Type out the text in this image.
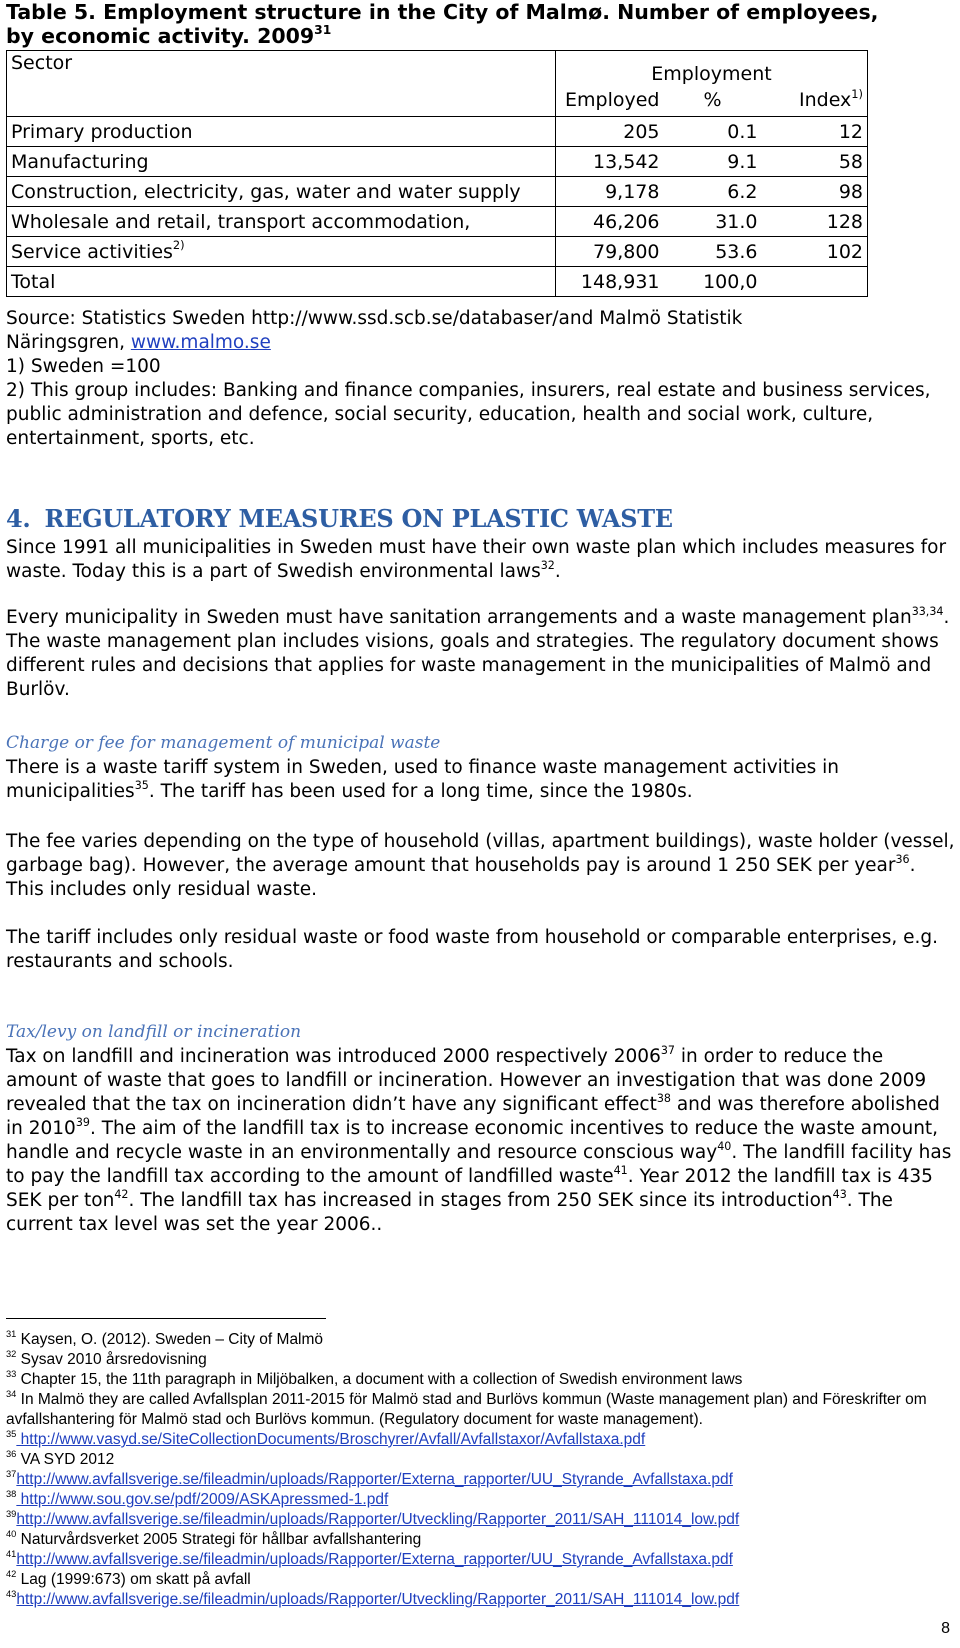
Table 5. Employment structure in the City of Malmø. Number of employees,
by economic activity. 2009$^{31}$
Sector	Employment		
	Employed	%	Index$^{1)}$
Primary production	205	0.1	12
Manufacturing	13,542	9.1	58
Construction, electricity, gas, water and water supply	9,178	6.2	98
Wholesale and retail, transport accommodation,	46,206	31.0	128
Service activities$^{2)}$	79,800	53.6	102
Total	148,931	100,0	
Source: Statistics Sweden http://www.ssd.scb.se/databaser/and Malmö Statistik
Näringsgren, www.malmo.se
1) Sweden =100
2) This group includes: Banking and finance companies, insurers, real estate and business services, public administration and defence, social security, education, health and social work, culture, entertainment, sports, etc.
4. REGULATORY MEASURES ON PLASTIC WASTE
Since 1991 all municipalities in Sweden must have their own waste plan which includes measures for waste. Today this is a part of Swedish environmental laws$^{32}$.
Every municipality in Sweden must have sanitation arrangements and a waste management plan$^{33,34}$. The waste management plan includes visions, goals and strategies. The regulatory document shows different rules and decisions that applies for waste management in the municipalities of Malmö and Burlöv.
Charge or fee for management of municipal waste
There is a waste tariff system in Sweden, used to finance waste management activities in municipalities$^{35}$. The tariff has been used for a long time, since the 1980s.
The fee varies depending on the type of household (villas, apartment buildings), waste holder (vessel, garbage bag). However, the average amount that households pay is around 1 250 SEK per year$^{36}$. This includes only residual waste.
The tariff includes only residual waste or food waste from household or comparable enterprises, e.g. restaurants and schools.
Tax/levy on landfill or incineration
Tax on landfill and incineration was introduced 2000 respectively 2006$^{37}$ in order to reduce the amount of waste that goes to landfill or incineration. However an investigation that was done 2009 revealed that the tax on incineration didn’t have any significant effect$^{38}$ and was therefore abolished in 2010$^{39}$. The aim of the landfill tax is to increase economic incentives to reduce the waste amount, handle and recycle waste in an environmentally and resource conscious way$^{40}$. The landfill facility has to pay the landfill tax according to the amount of landfilled waste$^{41}$. Year 2012 the landfill tax is 435 SEK per ton$^{42}$. The landfill tax has increased in stages from 250 SEK since its introduction$^{43}$. The current tax level was set the year 2006..
$^{31}$ Kaysen, O. (2012). Sweden – City of Malmö
$^{32}$ Sysav 2010 årsredovisning
$^{33}$ Chapter 15, the 11th paragraph in Miljöbalken, a document with a collection of Swedish environment laws
$^{34}$ In Malmö they are called Avfallsplan 2011-2015 för Malmö stad and Burlövs kommun (Waste management plan) and Föreskrifter om avfallshantering för Malmö stad och Burlövs kommun. (Regulatory document for waste management).
$^{35}$ http://www.vasyd.se/SiteCollectionDocuments/Broschyrer/Avfall/Avfallstaxor/Avfallstaxa.pdf
$^{36}$ VA SYD 2012
$^{37}$http://www.avfallsverige.se/fileadmin/uploads/Rapporter/Externa_rapporter/UU_Styrande_Avfallstaxa.pdf
$^{38}$ http://www.sou.gov.se/pdf/2009/ASKApressmed-1.pdf
$^{39}$http://www.avfallsverige.se/fileadmin/uploads/Rapporter/Utveckling/Rapporter_2011/SAH_111014_low.pdf
$^{40}$ Naturvårdsverket 2005 Strategi för hållbar avfallshantering
$^{41}$http://www.avfallsverige.se/fileadmin/uploads/Rapporter/Externa_rapporter/UU_Styrande_Avfallstaxa.pdf
$^{42}$ Lag (1999:673) om skatt på avfall
$^{43}$http://www.avfallsverige.se/fileadmin/uploads/Rapporter/Utveckling/Rapporter_2011/SAH_111014_low.pdf
8
